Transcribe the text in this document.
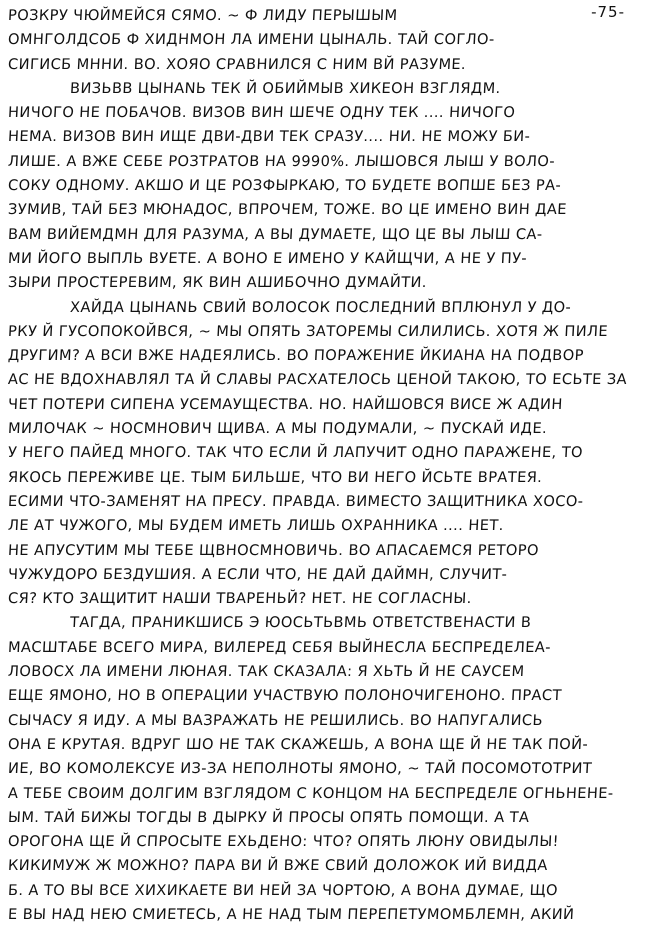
-75-

РОЗКРУ ЧЮЙМЕЙСЯ СЯМО. ~ Ф ЛИДУ ПЕРЫШЫМ

ОМНГОЛДСОБ Ф ХИДНМОН ЛА ИМЕНИ ЦЫНАЛЬ. ТАЙ СОГЛО-

СИГИСБ МННИ. ВО. ХОЯО СРАВНИЛСЯ С НИМ ВЙ РАЗУМЕ.

ВИЗЬВВ ЦЫНАNЬ ТЕК Й ОБИЙМЫВ ХИКЕОН ВЗГЛЯДМ.

НИЧОГО НЕ ПОБАЧОВ. ВИЗОВ ВИН ШЕЧЕ ОДНУ ТЕК .... НИЧОГО

НЕМА. ВИЗОВ ВИН ИЩЕ ДВИ-ДВИ ТЕК СРАЗУ.... НИ. НЕ МОЖУ БИ-

ЛИШЕ. А ВЖЕ СЕБЕ РОЗТРАТОВ НА 9990%. ЛЫШОВСЯ ЛЫШ У ВОЛО-

СОКУ ОДНОМУ. АКШО И ЦЕ РОЗФЫРКАЮ, ТО БУДЕТЕ ВОПШЕ БЕЗ РА-

ЗУМИВ, ТАЙ БЕЗ МЮНАДОС, ВПРОЧЕМ, ТОЖЕ. ВО ЦЕ ИМЕНО ВИН ДАЕ

ВАМ ВИЙЕМДМН ДЛЯ РАЗУМА, А ВЫ ДУМАЕТЕ, ЩО ЦЕ ВЫ ЛЫШ СА-

МИ ЙОГО ВЫПЛЬ ВУЕТЕ. А ВОНО Е ИМЕНО У КАЙЩЧИ, А НЕ У ПУ-

ЗЫРИ ПРОСТЕРЕВИМ, ЯК ВИН АШИБОЧНО ДУМАЙТИ.

ХАЙДА ЦЫНАNЬ СВИЙ ВОЛОСОК ПОСЛЕДНИЙ ВПЛЮНУЛ У ДО-

РКУ Й ГУСОПОКОЙВСЯ, ~ МЫ ОПЯТЬ ЗАТОРЕМЫ СИЛИЛИСЬ. ХОТЯ Ж ПИЛЕ

ДРУГИМ? А ВСИ ВЖЕ НАДЕЯЛИСЬ. ВО ПОРАЖЕНИЕ ЙКИАНА НА ПОДВОР

АС НЕ ВДОХНАВЛЯЛ ТА Й СЛАВЫ РАСХАТЕЛОСЬ ЦЕНОЙ ТАКОЮ, ТО ЕСЬТЕ ЗА

ЧЕТ ПОТЕРИ СИПЕНА УСЕМАУЩЕСТВА. НО. НАЙШОВСЯ ВИСЕ Ж АДИН

МИЛОЧАК ~ НОСМНОВИЧ ЩИВА. А МЫ ПОДУМАЛИ, ~ ПУСКАЙ ИДЕ.

У НЕГО ПАЙЕД МНОГО. ТАК ЧТО ЕСЛИ Й ЛАПУЧИТ ОДНО ПАРАЖЕНЕ, ТО

ЯКОСЬ ПЕРЕЖИВЕ ЦЕ. ТЫМ БИЛЬШЕ, ЧТО ВИ НЕГО ЙСЬТЕ ВРАТЕЯ.

ЕСИМИ ЧТО-ЗАМЕНЯТ НА ПРЕСУ. ПРАВДА. ВИМЕСТО ЗАЩИТНИКА ХОСО-

ЛЕ АТ ЧУЖОГО, МЫ БУДЕМ ИМЕТЬ ЛИШЬ ОХРАННИКА .... НЕТ.

НЕ АПУСУТИМ МЫ ТЕБЕ ЩВНОСМНОВИЧЬ. ВО АПАСАЕМСЯ РЕТОРО

ЧУЖУДОРО БЕЗДУШИЯ. А ЕСЛИ ЧТО, НЕ ДАЙ ДАЙМН, СЛУЧИТ-

СЯ? КТО ЗАЩИТИТ НАШИ ТВАРЕНЬЙ? НЕТ. НЕ СОГЛАСНЫ.

ТАГДА, ПРАНИКШИСБ Э ЮОСЬТЬВМЬ ОТВЕТСТВЕНАСТИ В

МАСШТАБЕ ВСЕГО МИРА, ВИЛЕРЕД СЕБЯ ВЫЙНЕСЛА БЕСПРЕДЕЛЕА-

ЛОВОСХ ЛА ИМЕНИ ЛЮНАЯ. ТАК СКАЗАЛА: Я ХЬТЬ Й НЕ САУСЕМ

ЕЩЕ ЯМОНО, НО В ОПЕРАЦИИ УЧАСТВУЮ ПОЛОНОЧИГЕНОНО. ПРАСТ

СЫЧАСУ Я ИДУ. А МЫ ВАЗРАЖАТЬ НЕ РЕШИЛИСЬ. ВО НАПУГАЛИСЬ

ОНА Е КРУТАЯ. ВДРУГ ШО НЕ ТАК СКАЖЕШЬ, А ВОНА ЩЕ Й НЕ ТАК ПОЙ-

ИЕ, ВО КОМОЛЕКСУЕ ИЗ-ЗА НЕПОЛНОТЫ ЯМОНО, ~ ТАЙ ПОСОМОТОТРИТ

А ТЕБЕ СВОИМ ДОЛГИМ ВЗГЛЯДОМ С КОНЦОМ НА БЕСПРЕДЕЛЕ ОГНЬНЕНЕ-

ЫМ. ТАЙ БИЖЫ ТОГДЫ В ДЫРКУ Й ПРОСЫ ОПЯТЬ ПОМОЩИ. А ТА

ОРОГОНА ЩЕ Й СПРОСЫТЕ ЕХЬДЕНО: ЧТО? ОПЯТЬ ЛЮНУ ОВИДЫЛЫ!

КИКИМУЖ Ж МОЖНО? ПАРА ВИ Й ВЖЕ СВИЙ ДОЛОЖОК ИЙ ВИДДА

Б. А ТО ВЫ ВСЕ ХИХИКАЕТЕ ВИ НЕЙ ЗА ЧОРТОЮ, А ВОНА ДУМАЕ, ЩО

Е ВЫ НАД НЕЮ СМИЕТЕСЬ, А НЕ НАД ТЫМ ПЕРЕПЕТУМОМБЛЕМН, АКИЙ
